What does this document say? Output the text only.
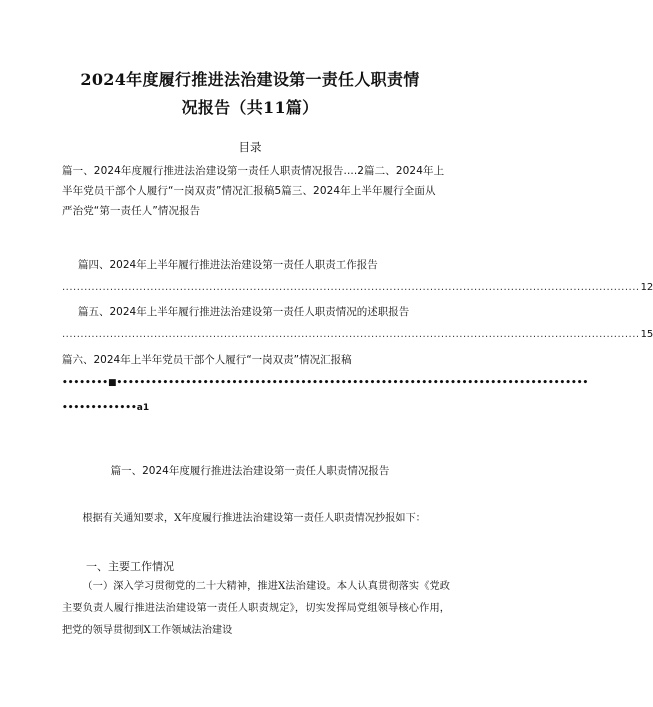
2024年度履行推进法治建设第一责任人职责情
况报告（共11篇）
目录
篇一、2024年度履行推进法治建设第一责任人职责情况报告....2篇二、2024年上半年党员干部个人履行“一岗双责”情况汇报稿5篇三、2024年上半年履行全面从严治党“第一责任人”情况报告
篇四、2024年上半年履行推进法治建设第一责任人职责工作报告
............................................................................................................................................................. 12
篇五、2024年上半年履行推进法治建设第一责任人职责情况的述职报告
............................................................................................................................................................. 15
篇六、2024年上半年党员干部个人履行“一岗双责”情况汇报稿
••••••••■••••••••••••••••••••••••••••••••••••••••••••••••••••••••••••••••••••••••••••••••••
•••••••••••••a1
篇一、2024年度履行推进法治建设第一责任人职责情况报告
根据有关通知要求，X年度履行推进法治建设第一责任人职责情况抄报如下：
一、主要工作情况
（一）深入学习贯彻党的二十大精神，推进X法治建设。本人认真贯彻落实《党政主要负责人履行推进法治建设第一责任人职责规定》，切实发挥局党组领导核心作用，把党的领导贯彻到X工作领域法治建设
